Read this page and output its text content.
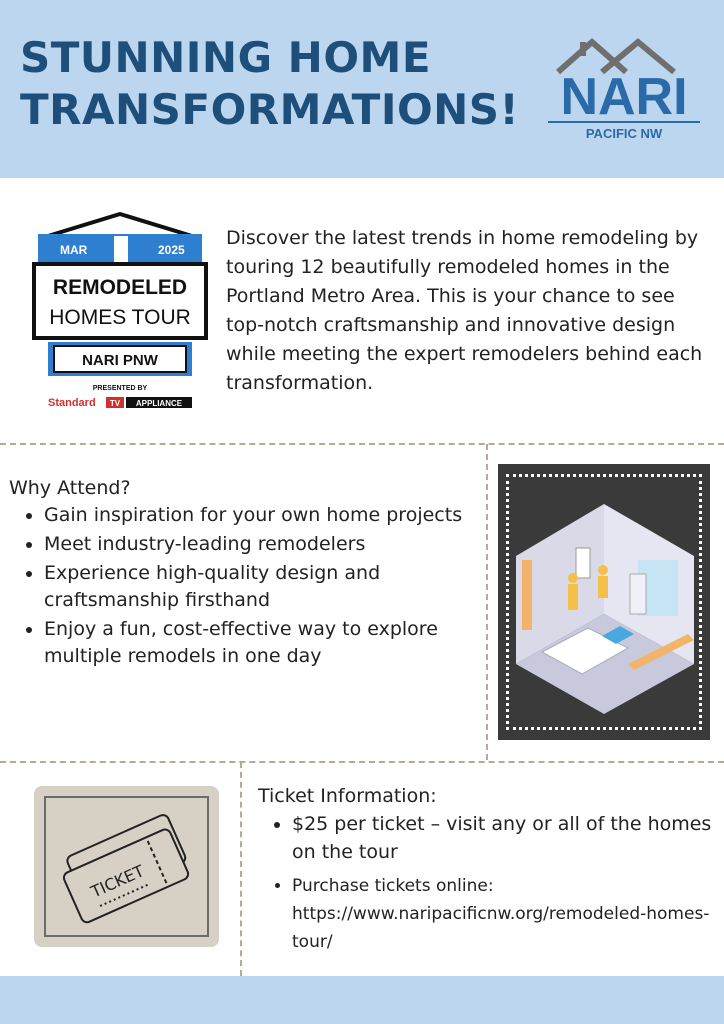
STUNNING HOME
TRANSFORMATIONS! NARI
PACIFIC NW
MAR	2025
REMODELED
HOMES TOUR
NARI PNW
PRESENTED BY
Standard TV APPLIANCE

Discover the latest trends in home remodeling by touring 12 beautifully remodeled homes in the Portland Metro Area. This is your chance to see top-notch craftsmanship and innovative design while meeting the expert remodelers behind each transformation.

Why Attend?
• Gain inspiration for your own home projects
• Meet industry-leading remodelers
• Experience high-quality design and craftsmanship firsthand
• Enjoy a fun, cost-effective way to explore multiple remodels in one day
TICKET
Ticket Information:
• $25 per ticket – visit any or all of the homes on the tour
• Purchase tickets online: https://www.naripacificnw.org/remodeled-homes-tour/
